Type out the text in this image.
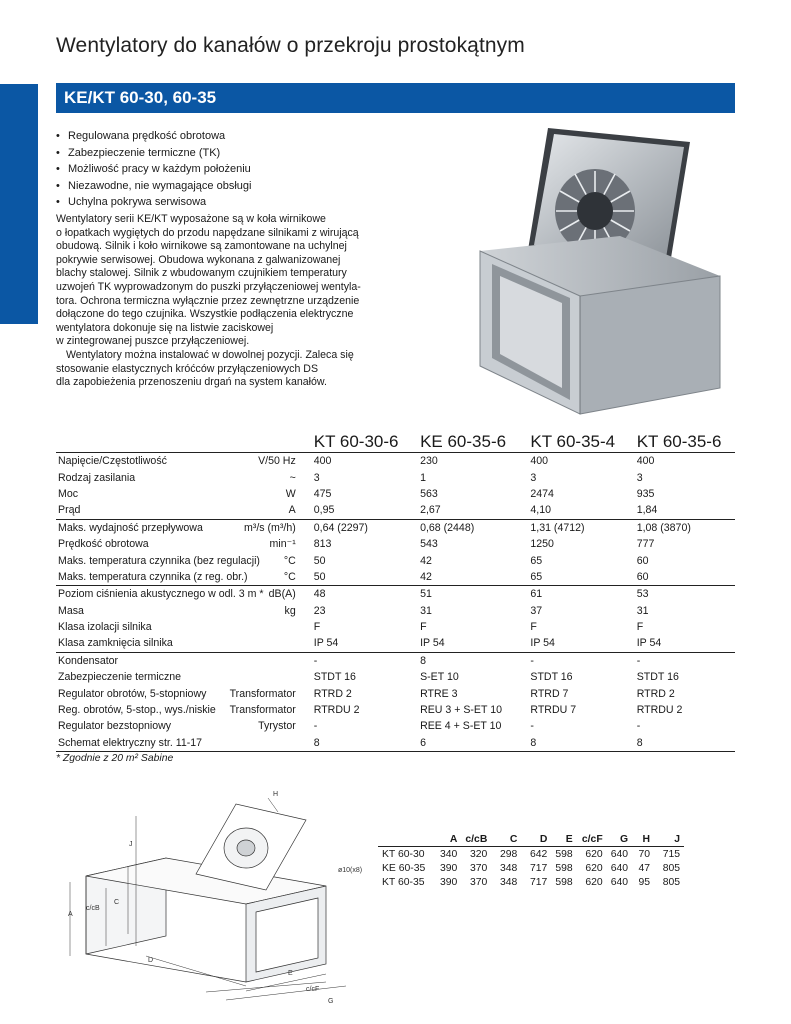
Wentylatory do kanałów o przekroju prostokątnym
KE/KT 60-30, 60-35
• Regulowana prędkość obrotowa
• Zabezpieczenie termiczne (TK)
• Możliwość pracy w każdym położeniu
• Niezawodne, nie wymagające obsługi
• Uchylna pokrywa serwisowa

Wentylatory serii KE/KT wyposażone są w koła wirnikowe

o łopatkach wygiętych do przodu napędzane silnikami z wirującą

obudową. Silnik i koło wirnikowe są zamontowane na uchylnej

pokrywie serwisowej. Obudowa wykonana z galwanizowanej

blachy stalowej. Silnik z wbudowanym czujnikiem temperatury

uzwojeń TK wyprowadzonym do puszki przyłączeniowej wentyla-

tora. Ochrona termiczna wyłącznie przez zewnętrzne urządzenie

dołączone do tego czujnika. Wszystkie podłączenia elektryczne

wentylatora dokonuje się na listwie zaciskowej

w zintegrowanej puszce przyłączeniowej.

Wentylatory można instalować w dowolnej pozycji. Zaleca się

stosowanie elastycznych króćców przyłączeniowych DS

dla zapobieżenia przenoszeniu drgań na system kanałów.

	KT 60-30-6	KE 60-35-6	KT 60-35-4	KT 60-35-6

Napięcie/Częstotliwość V/50 Hz	400	230	400	400

Rodzaj zasilania ~	3	1	3	3

Moc W	475	563	2474	935

Prąd A	0,95	2,67	4,10	1,84

Maks. wydajność przepływowa m³/s (m³/h)	0,64 (2297)	0,68 (2448)	1,31 (4712)	1,08 (3870)

Prędkość obrotowa min⁻¹	813	543	1250	777

Maks. temperatura czynnika (bez regulacji) °C	50	42	65	60

Maks. temperatura czynnika (z reg. obr.) °C	50	42	65	60

Poziom ciśnienia akustycznego w odl. 3 m * dB(A)	48	51	61	53

Masa kg	23	31	37	31

Klasa izolacji silnika	F	F	F	F

Klasa zamknięcia silnika	IP 54	IP 54	IP 54	IP 54

Kondensator	-	8	-	-

Zabezpieczenie termiczne	STDT 16	S-ET 10	STDT 16	STDT 16

Regulator obrotów, 5-stopniowy Transformator	RTRD 2	RTRE 3	RTRD 7	RTRD 2

Reg. obrotów, 5-stop., wys./niskie Transformator	RTRDU 2	REU 3 + S-ET 10	RTRDU 7	RTRDU 2

Regulator bezstopniowy Tyrystor	-	REE 4 + S-ET 10	-	-

Schemat elektryczny str. 11-17	8	6	8	8
* Zgodnie z 20 m² Sabine
H
J
C
c/cB
A
D
E
c/cF
G
ø10(x8)
	A	c/cB	C	D	E	c/cF	G	H	J
KT 60-30	340	320	298	642	598	620	640	70	715
KE 60-35	390	370	348	717	598	620	640	47	805
KT 60-35	390	370	348	717	598	620	640	95	805
